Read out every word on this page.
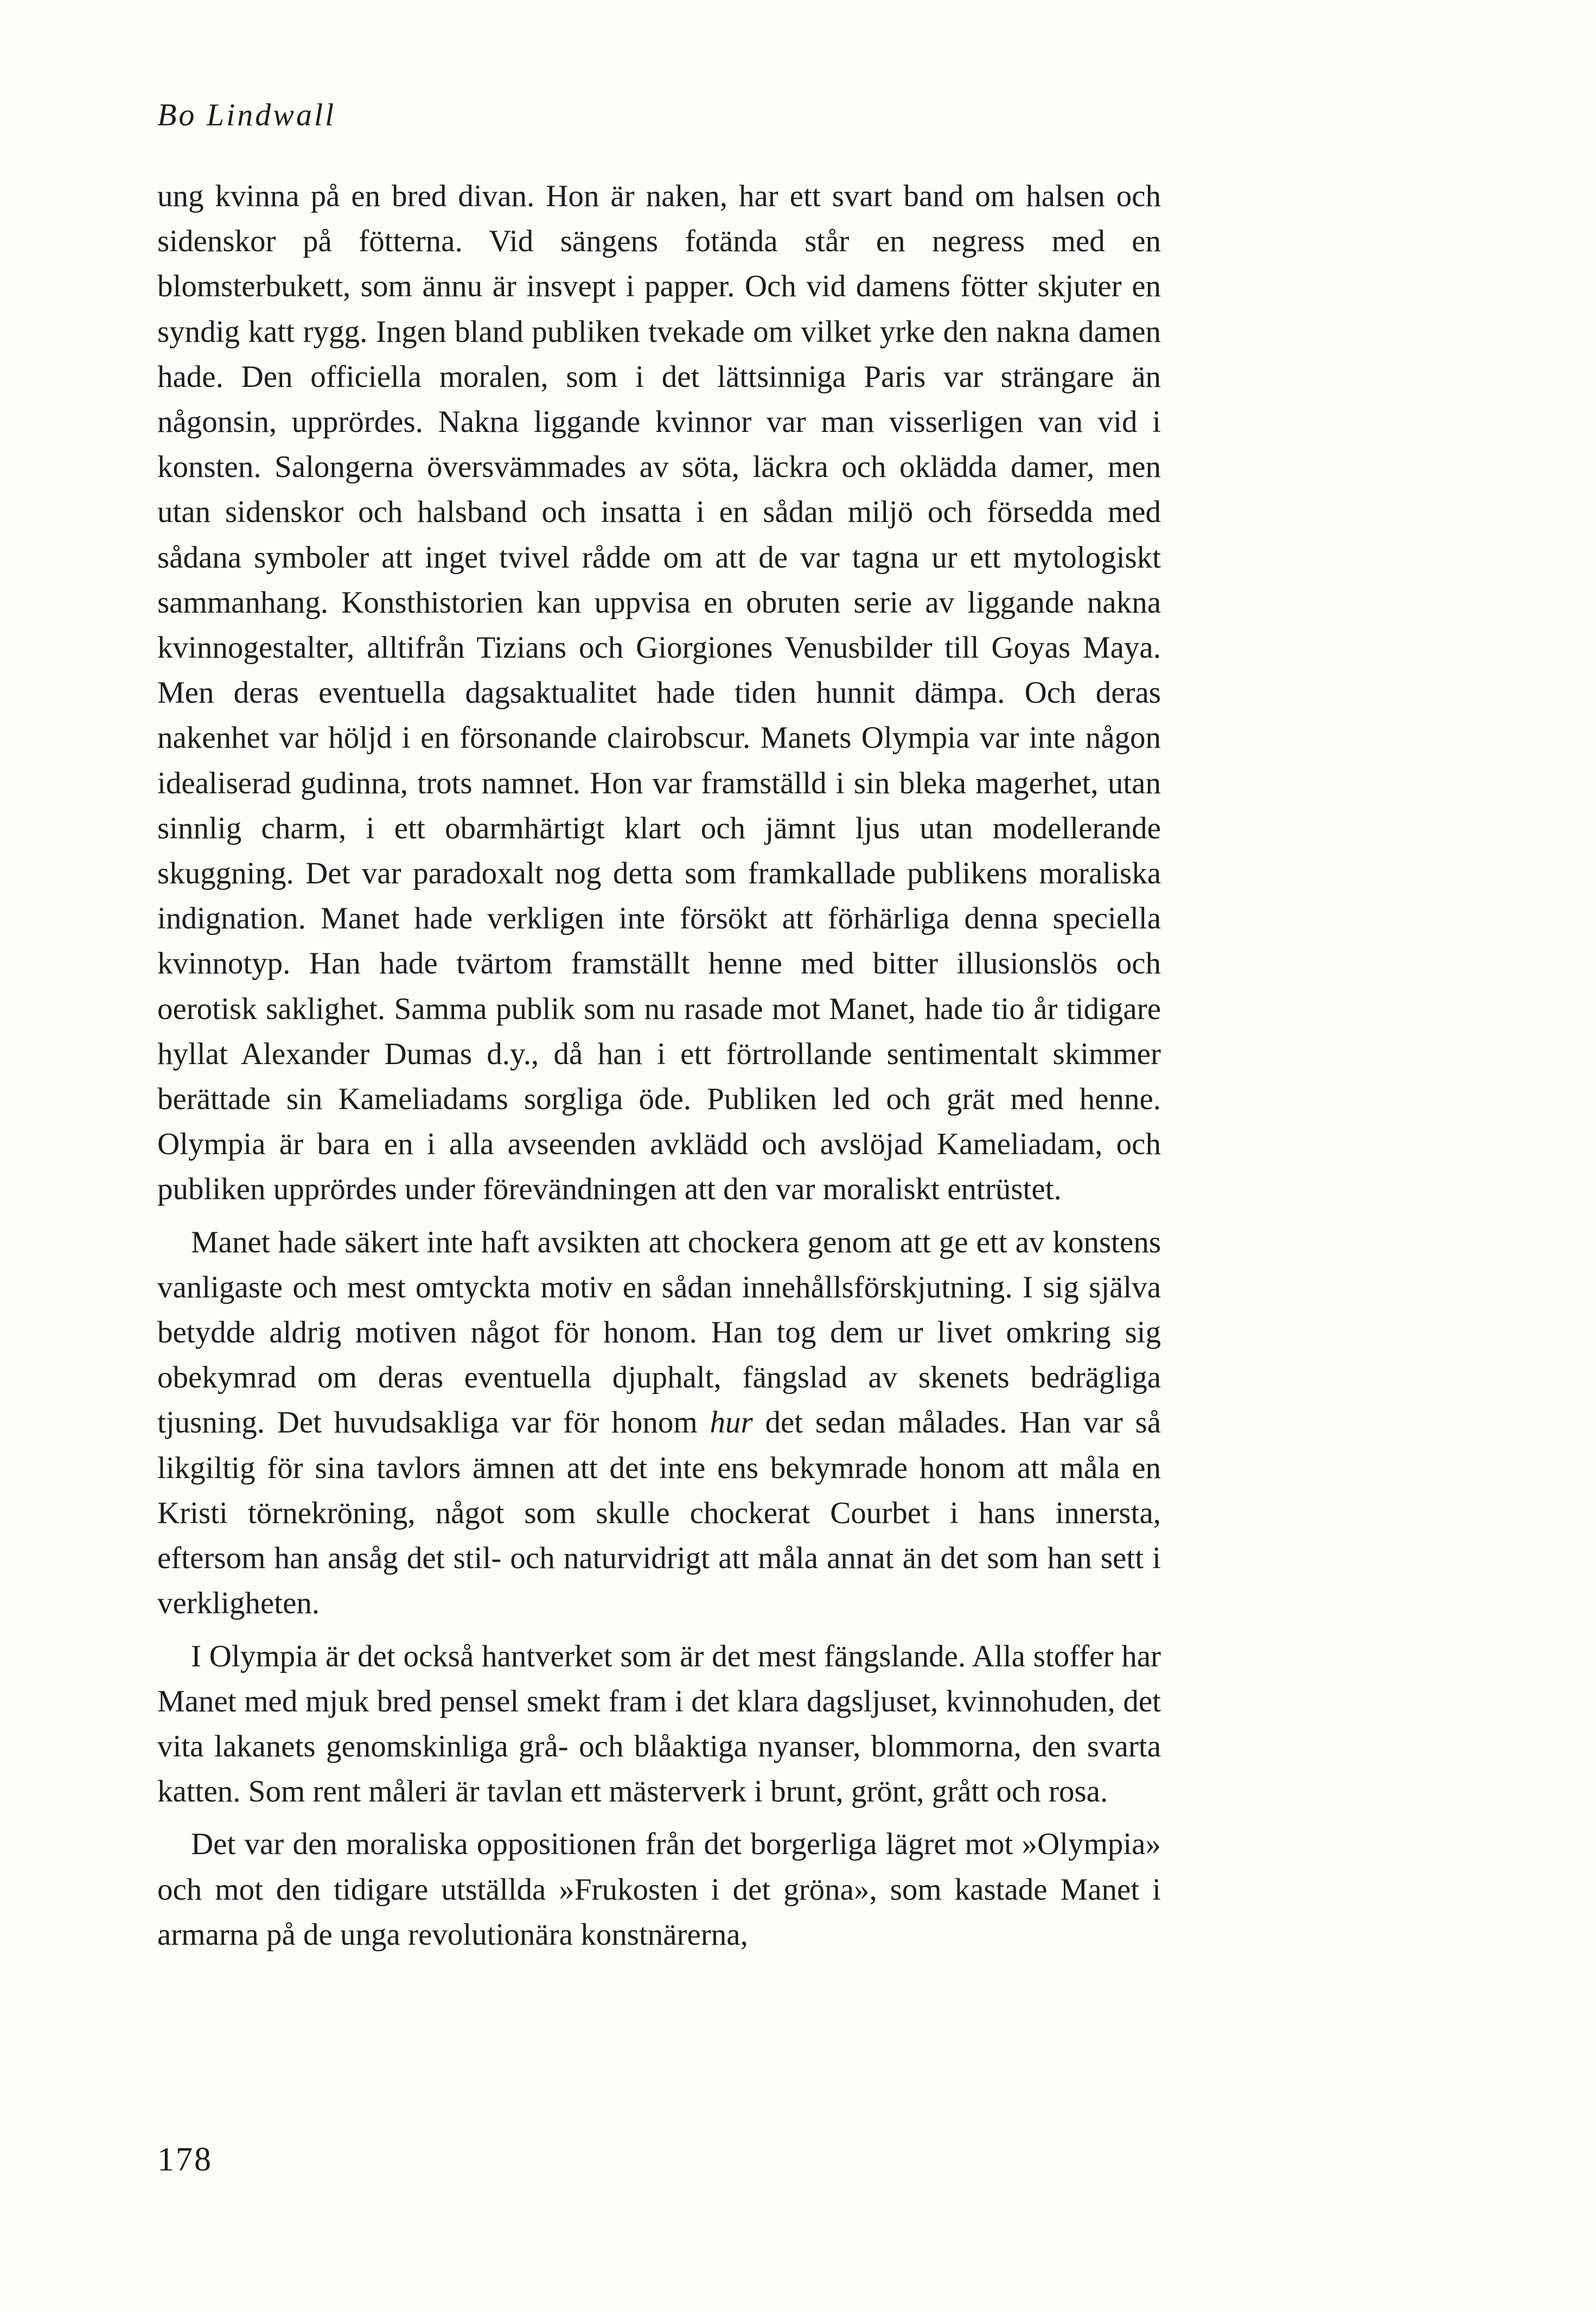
Bo Lindwall

ung kvinna på en bred divan. Hon är naken, har ett svart band om halsen och sidenskor på fötterna. Vid sängens fotända står en negress med en blomsterbukett, som ännu är insvept i papper. Och vid damens fötter skjuter en syndig katt rygg. Ingen bland publiken tvekade om vilket yrke den nakna damen hade. Den officiella moralen, som i det lättsinniga Paris var strängare än någonsin, upprördes. Nakna liggande kvinnor var man visserligen van vid i konsten. Salongerna översvämmades av söta, läckra och oklädda damer, men utan sidenskor och halsband och insatta i en sådan miljö och försedda med sådana symboler att inget tvivel rådde om att de var tagna ur ett mytologiskt sammanhang. Konsthistorien kan uppvisa en obruten serie av liggande nakna kvinnogestalter, alltifrån Tizians och Giorgiones Venusbilder till Goyas Maya. Men deras eventuella dagsaktualitet hade tiden hunnit dämpa. Och deras nakenhet var höljd i en försonande clairobscur. Manets Olympia var inte någon idealiserad gudinna, trots namnet. Hon var framställd i sin bleka magerhet, utan sinnlig charm, i ett obarmhärtigt klart och jämnt ljus utan modellerande skuggning. Det var paradoxalt nog detta som framkallade publikens moraliska indignation. Manet hade verkligen inte försökt att förhärliga denna speciella kvinnotyp. Han hade tvärtom framställt henne med bitter illusionslös och oerotisk saklighet. Samma publik som nu rasade mot Manet, hade tio år tidigare hyllat Alexander Dumas d.y., då han i ett förtrollande sentimentalt skimmer berättade sin Kameliadams sorgliga öde. Publiken led och grät med henne. Olympia är bara en i alla avseenden avklädd och avslöjad Kameliadam, och publiken upprördes under förevändningen att den var moraliskt entrüstet.

Manet hade säkert inte haft avsikten att chockera genom att ge ett av konstens vanligaste och mest omtyckta motiv en sådan innehållsförskjutning. I sig själva betydde aldrig motiven något för honom. Han tog dem ur livet omkring sig obekymrad om deras eventuella djuphalt, fängslad av skenets bedrägliga tjusning. Det huvudsakliga var för honom hur det sedan målades. Han var så likgiltig för sina tavlors ämnen att det inte ens bekymrade honom att måla en Kristi törnekröning, något som skulle chockerat Courbet i hans innersta, eftersom han ansåg det stil- och naturvidrigt att måla annat än det som han sett i verkligheten.

I Olympia är det också hantverket som är det mest fängslande. Alla stoffer har Manet med mjuk bred pensel smekt fram i det klara dagsljuset, kvinnohuden, det vita lakanets genomskinliga grå- och blåaktiga nyanser, blommorna, den svarta katten. Som rent måleri är tavlan ett mästerverk i brunt, grönt, grått och rosa.

Det var den moraliska oppositionen från det borgerliga lägret mot »Olympia» och mot den tidigare utställda »Frukosten i det gröna», som kastade Manet i armarna på de unga revolutionära konstnärerna,

178
